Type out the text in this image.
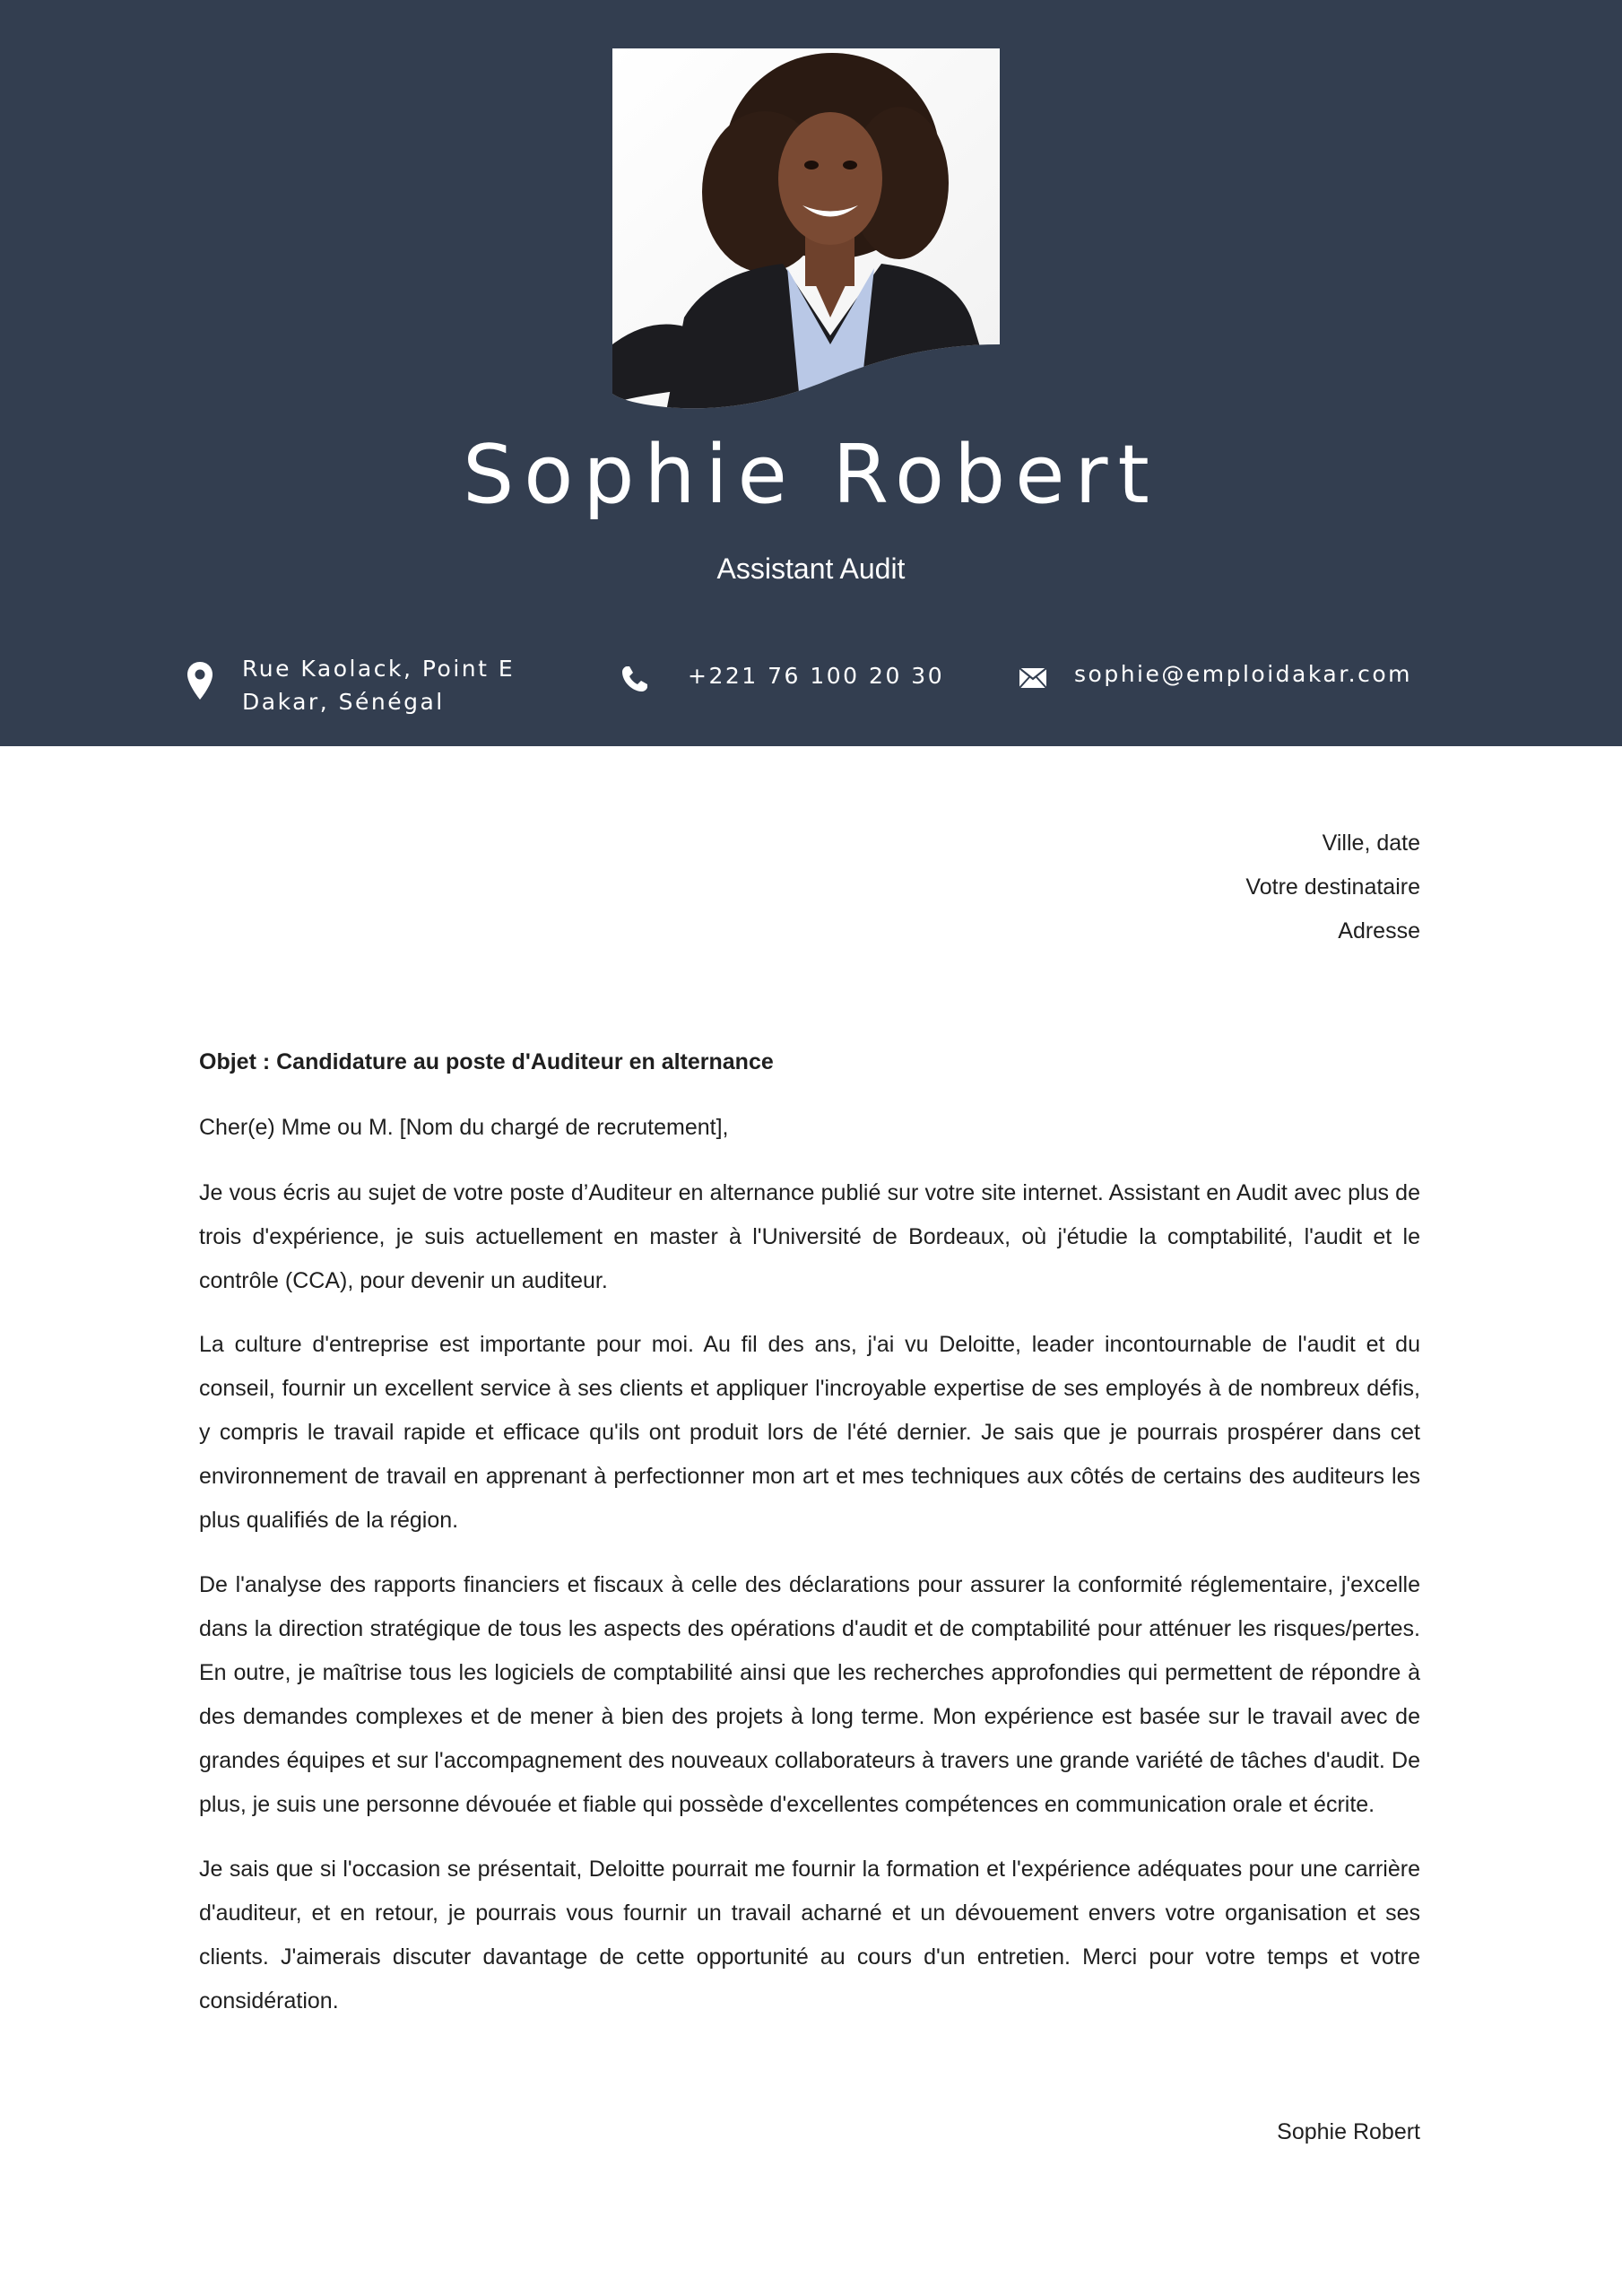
Sophie Robert
Assistant Audit
Rue Kaolack, Point E
Dakar, Sénégal
+221 76 100 20 30	sophie@emploidakar.com
Ville, date
Votre destinataire
Adresse
Objet : Candidature au poste d'Auditeur en alternance
Cher(e) Mme ou M. [Nom du chargé de recrutement],

Je vous écris au sujet de votre poste d’Auditeur en alternance publié sur votre site internet. Assistant en Audit avec plus de trois d'expérience, je suis actuellement en master à l'Université de Bordeaux, où j'étudie la comptabilité, l'audit et le contrôle (CCA), pour devenir un auditeur.

La culture d'entreprise est importante pour moi. Au fil des ans, j'ai vu Deloitte, leader incontournable de l'audit et du conseil, fournir un excellent service à ses clients et appliquer l'incroyable expertise de ses employés à de nombreux défis, y compris le travail rapide et efficace qu'ils ont produit lors de l'été dernier. Je sais que je pourrais prospérer dans cet environnement de travail en apprenant à perfectionner mon art et mes techniques aux côtés de certains des auditeurs les plus qualifiés de la région.

De l'analyse des rapports financiers et fiscaux à celle des déclarations pour assurer la conformité réglementaire, j'excelle dans la direction stratégique de tous les aspects des opérations d'audit et de comptabilité pour atténuer les risques/pertes. En outre, je maîtrise tous les logiciels de comptabilité ainsi que les recherches approfondies qui permettent de répondre à des demandes complexes et de mener à bien des projets à long terme. Mon expérience est basée sur le travail avec de grandes équipes et sur l'accompagnement des nouveaux collaborateurs à travers une grande variété de tâches d'audit. De plus, je suis une personne dévouée et fiable qui possède d'excellentes compétences en communication orale et écrite.

Je sais que si l'occasion se présentait, Deloitte pourrait me fournir la formation et l'expérience adéquates pour une carrière d'auditeur, et en retour, je pourrais vous fournir un travail acharné et un dévouement envers votre organisation et ses clients. J'aimerais discuter davantage de cette opportunité au cours d'un entretien. Merci pour votre temps et votre considération.

Sophie Robert
